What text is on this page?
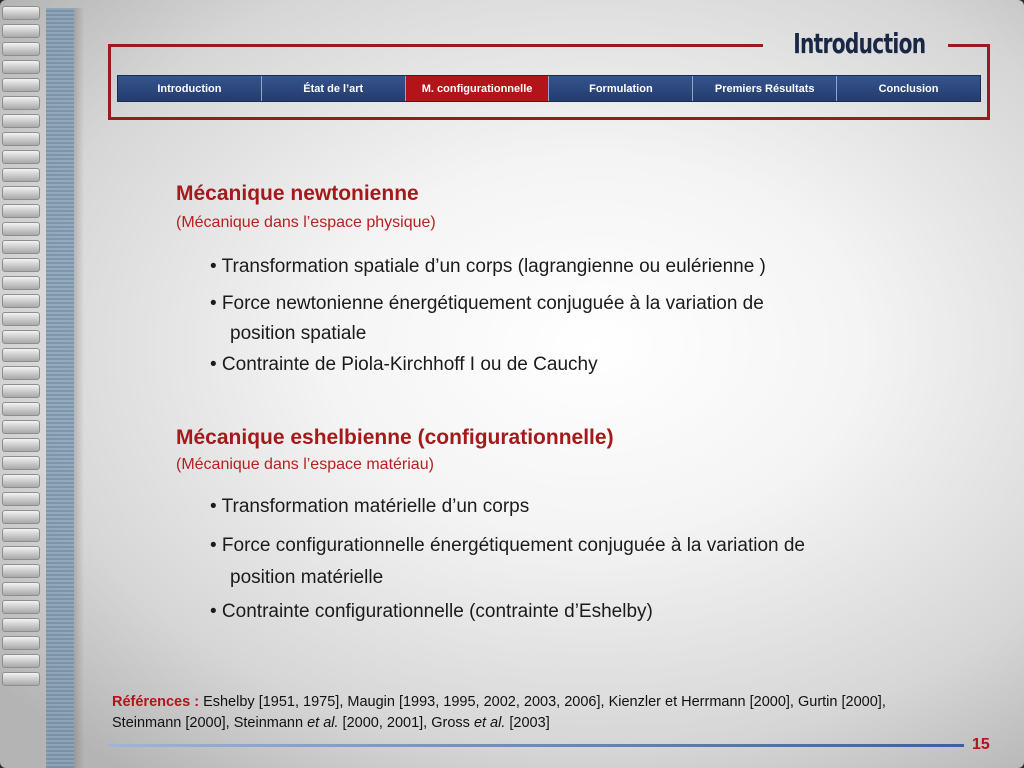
Introduction
Introduction	État de l’art	M. configurationnelle	Formulation	Premiers Résultats	Conclusion
Mécanique newtonienne
(Mécanique dans l’espace physique)
• Transformation spatiale d’un corps (lagrangienne ou eulérienne )
• Force newtonienne énergétiquement conjuguée à la variation de
position spatiale
• Contrainte de Piola-Kirchhoff I ou de Cauchy
Mécanique eshelbienne (configurationnelle)
(Mécanique dans l’espace matériau)
• Transformation matérielle d’un corps
• Force configurationnelle énergétiquement conjuguée à la variation de
position matérielle
• Contrainte configurationnelle (contrainte d’Eshelby)
Références : Eshelby [1951, 1975], Maugin [1993, 1995, 2002, 2003, 2006], Kienzler et Herrmann [2000], Gurtin [2000], Steinmann [2000], Steinmann et al. [2000, 2001], Gross et al. [2003]
15
